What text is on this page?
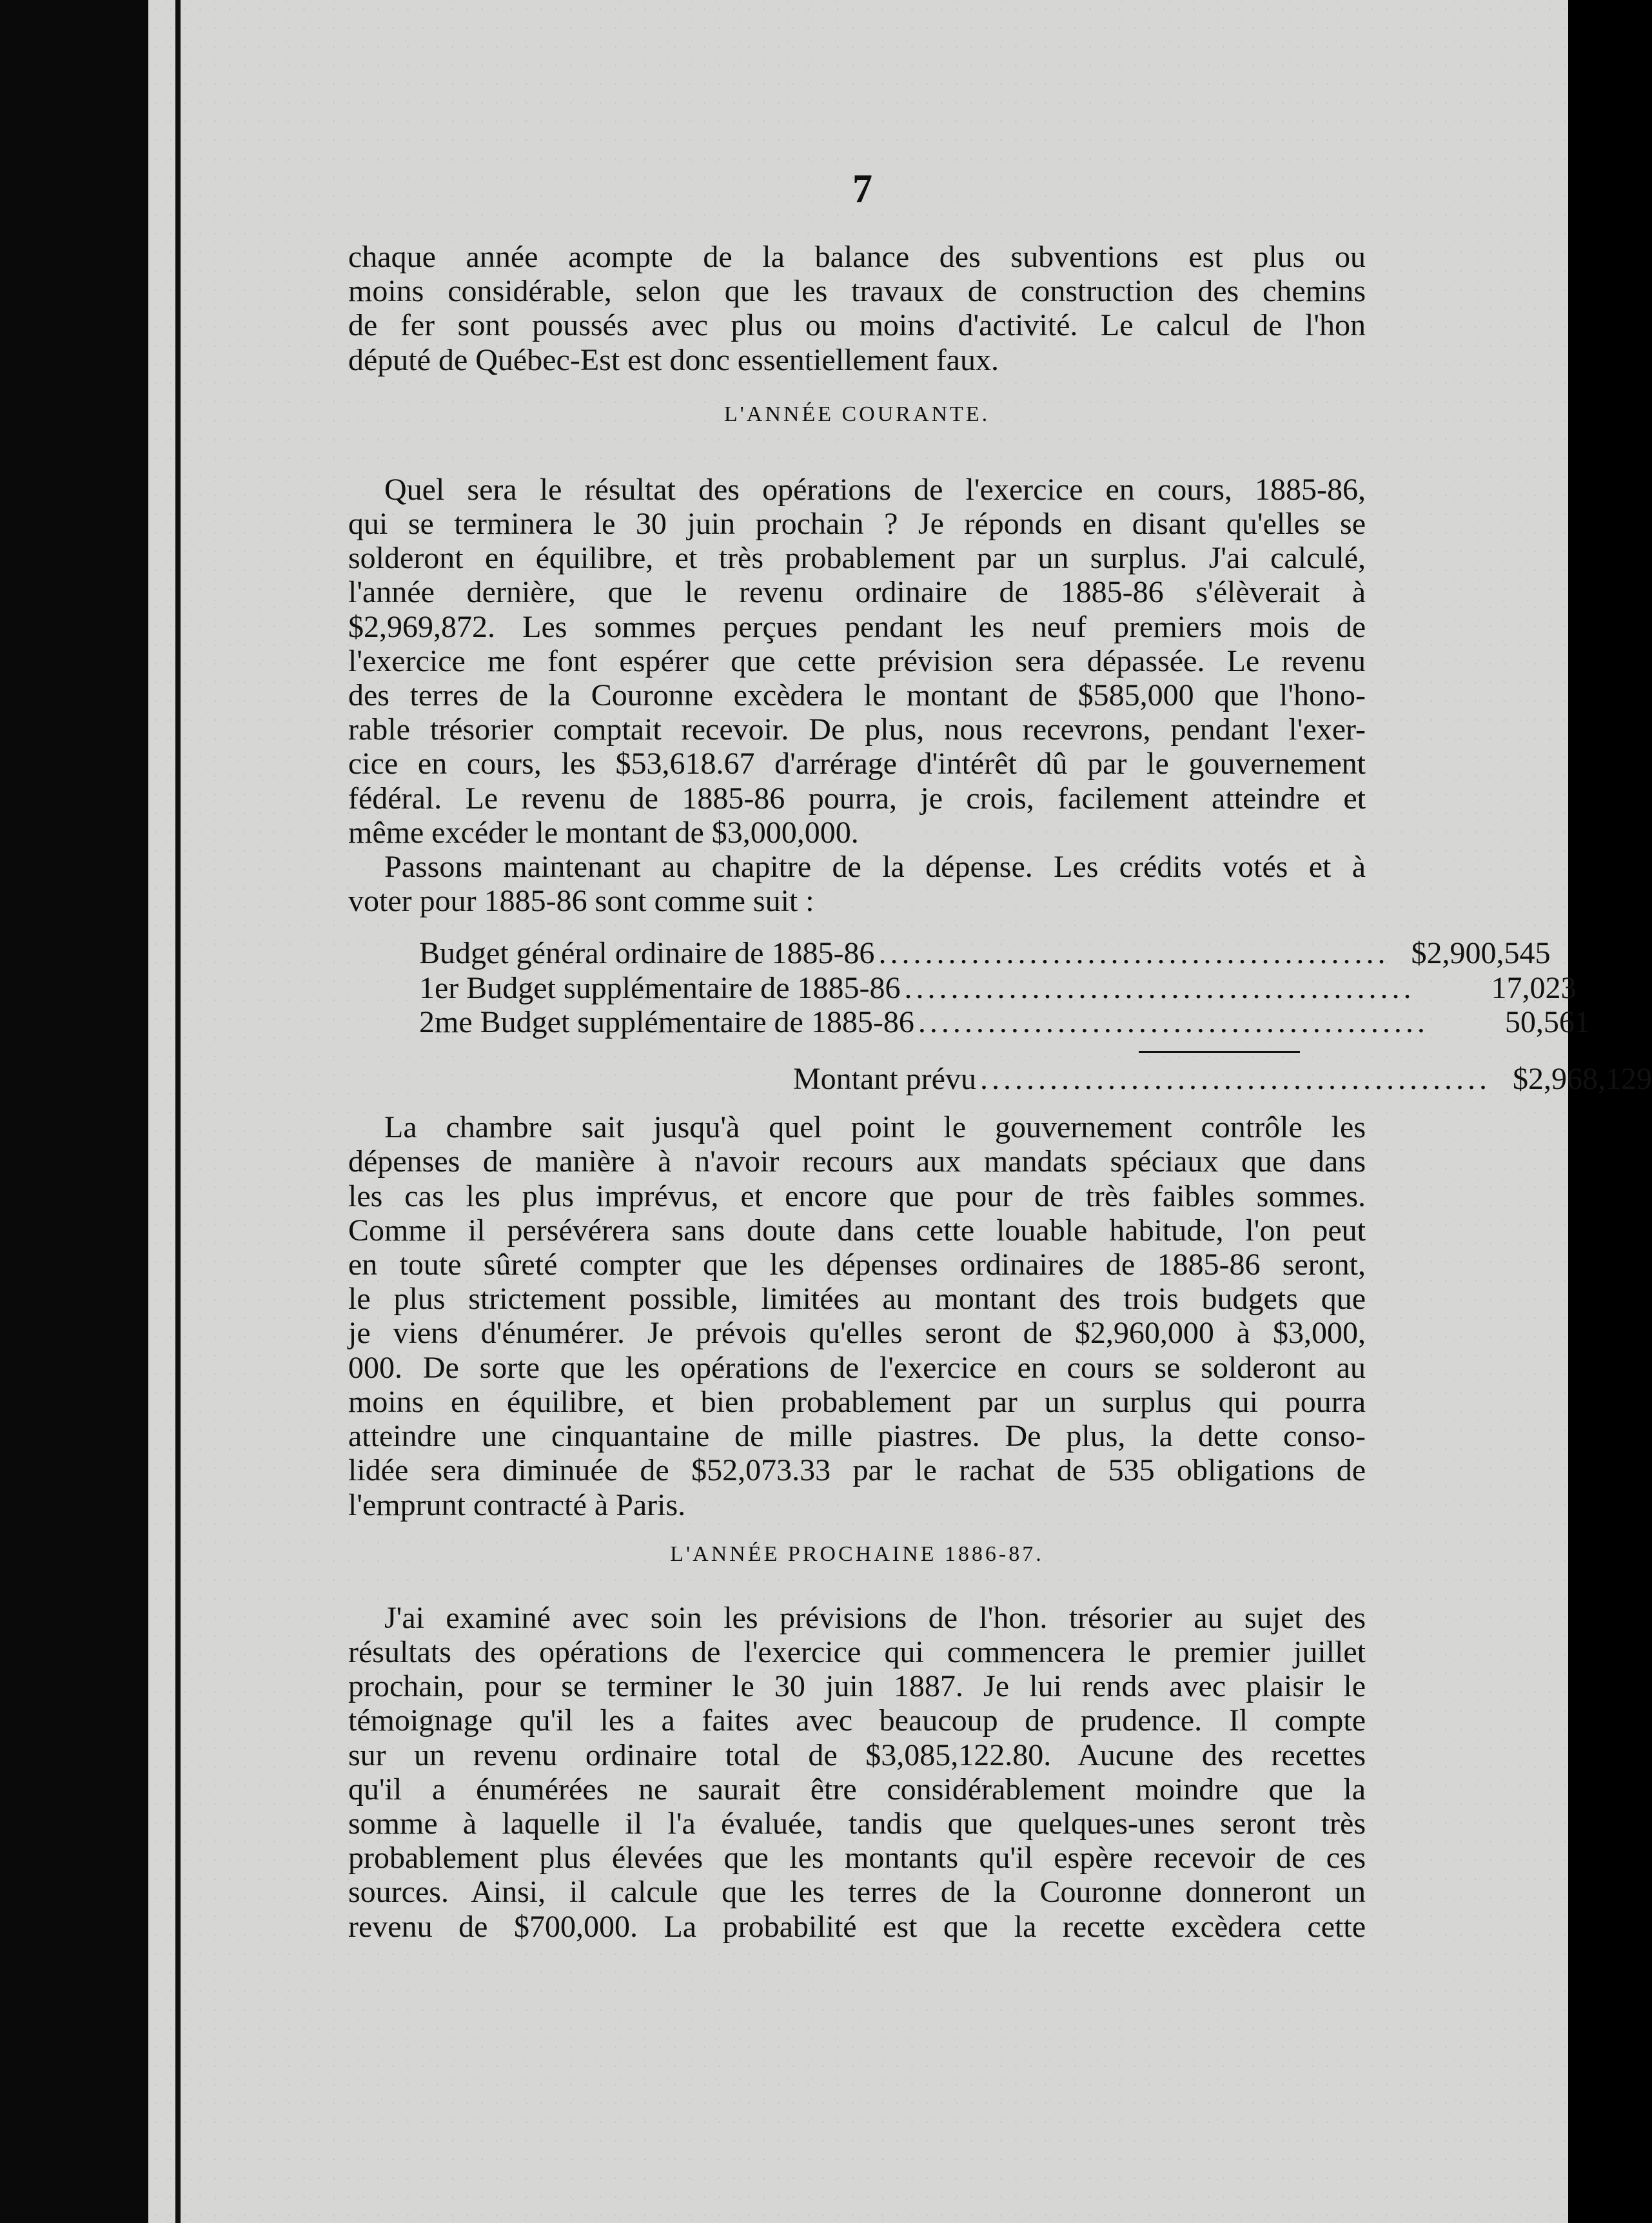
7
chaque année acompte de la balance des subventions est plus ou
moins considérable, selon que les travaux de construction des chemins
de fer sont poussés avec plus ou moins d'activité. Le calcul de l'hon
député de Québec-Est est donc essentiellement faux.
L'ANNÉE COURANTE.
Quel sera le résultat des opérations de l'exercice en cours, 1885-86,
qui se terminera le 30 juin prochain ? Je réponds en disant qu'elles se
solderont en équilibre, et très probablement par un surplus. J'ai calculé,
l'année dernière, que le revenu ordinaire de 1885-86 s'élèverait à
$2,969,872. Les sommes perçues pendant les neuf premiers mois de
l'exercice me font espérer que cette prévision sera dépassée. Le revenu
des terres de la Couronne excèdera le montant de $585,000 que l'hono-
rable trésorier comptait recevoir. De plus, nous recevrons, pendant l'exer-
cice en cours, les $53,618.67 d'arrérage d'intérêt dû par le gouvernement
fédéral. Le revenu de 1885-86 pourra, je crois, facilement atteindre et
même excéder le montant de $3,000,000.
Passons maintenant au chapitre de la dépense. Les crédits votés et à
voter pour 1885-86 sont comme suit :
Budget général ordinaire de 1885-86 ............................................ $2,900,545
1er Budget supplémentaire de 1885-86 ............................................	17,023
2me Budget supplémentaire de 1885-86 ............................................	50,561
Montant prévu ............................................ $2,968,129
La chambre sait jusqu'à quel point le gouvernement contrôle les
dépenses de manière à n'avoir recours aux mandats spéciaux que dans
les cas les plus imprévus, et encore que pour de très faibles sommes.
Comme il persévérera sans doute dans cette louable habitude, l'on peut
en toute sûreté compter que les dépenses ordinaires de 1885-86 seront,
le plus strictement possible, limitées au montant des trois budgets que
je viens d'énumérer. Je prévois qu'elles seront de $2,960,000 à $3,000,
000. De sorte que les opérations de l'exercice en cours se solderont au
moins en équilibre, et bien probablement par un surplus qui pourra
atteindre une cinquantaine de mille piastres. De plus, la dette conso-
lidée sera diminuée de $52,073.33 par le rachat de 535 obligations de
l'emprunt contracté à Paris.
L'ANNÉE PROCHAINE 1886-87.
J'ai examiné avec soin les prévisions de l'hon. trésorier au sujet des
résultats des opérations de l'exercice qui commencera le premier juillet
prochain, pour se terminer le 30 juin 1887. Je lui rends avec plaisir le
témoignage qu'il les a faites avec beaucoup de prudence. Il compte
sur un revenu ordinaire total de $3,085,122.80. Aucune des recettes
qu'il a énumérées ne saurait être considérablement moindre que la
somme à laquelle il l'a évaluée, tandis que quelques-unes seront très
probablement plus élevées que les montants qu'il espère recevoir de ces
sources. Ainsi, il calcule que les terres de la Couronne donneront un
revenu de $700,000. La probabilité est que la recette excèdera cette
